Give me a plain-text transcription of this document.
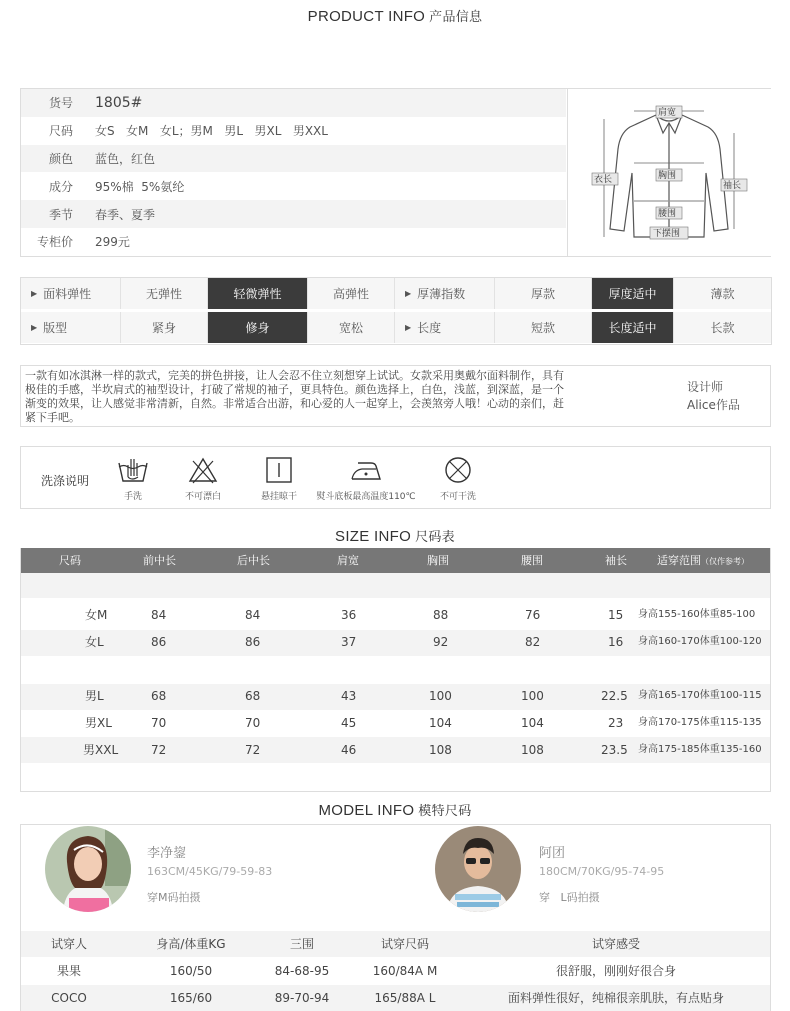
PRODUCT INFO 产品信息
货号 1805#
尺码 女S   女M   女L；男M   男L   男XL   男XXL
颜色 蓝色，红色
成分 95%棉  5%氨纶
季节 春季、夏季
专柜价 299元
肩宽
衣长	胸围
袖长
腰围
下摆围
▶ 面料弹性	无弹性	轻微弹性	高弹性	▶ 厚薄指数	厚款	厚度适中	薄款
▶ 版型	紧身	修身	宽松	▶ 长度	短款	长度适中	长款
一款有如冰淇淋一样的款式，完美的拼色拼接，让人会忍不住立刻想穿上试试。女款采用奥戴尔面料制作，具有
极佳的手感，半坎肩式的袖型设计，打破了常规的袖子，更具特色。颜色选择上，白色，浅蓝，到深蓝，是一个
渐变的效果，让人感觉非常清新，自然。非常适合出游，和心爱的人一起穿上，会羡煞旁人哦！心动的亲们，赶
紧下手吧。
设计师
Alice作品
洗涤说明
手洗	不可漂白	悬挂晾干	熨斗底板最高温度110℃	不可干洗
SIZE INFO 尺码表
尺码	前中长	后中长	肩宽	胸围	腰围	袖长	适穿范围（仅作参考）
女M	84	84	36	88	76	15 身高155-160体重85-100
女L	86	86	37	92	82	16 身高160-170体重100-120
男L	68	68	43	100	100	22.5 身高165-170体重100-115
男XL	70	70	45	104	104	23 身高170-175体重115-135
男XXL	72	72	46	108	108	23.5 身高175-185体重135-160
MODEL INFO 模特尺码
李净鋆
163CM/45KG/79-59-83
穿M码拍摄
阿团
180CM/70KG/95-74-95
穿   L码拍摄
试穿人	身高/体重KG	三围	试穿尺码	试穿感受
果果	160/50	84-68-95	160/84A M	很舒服，刚刚好很合身
COCO	165/60	89-70-94	165/88A L	面料弹性很好，纯棉很亲肌肤，有点贴身
